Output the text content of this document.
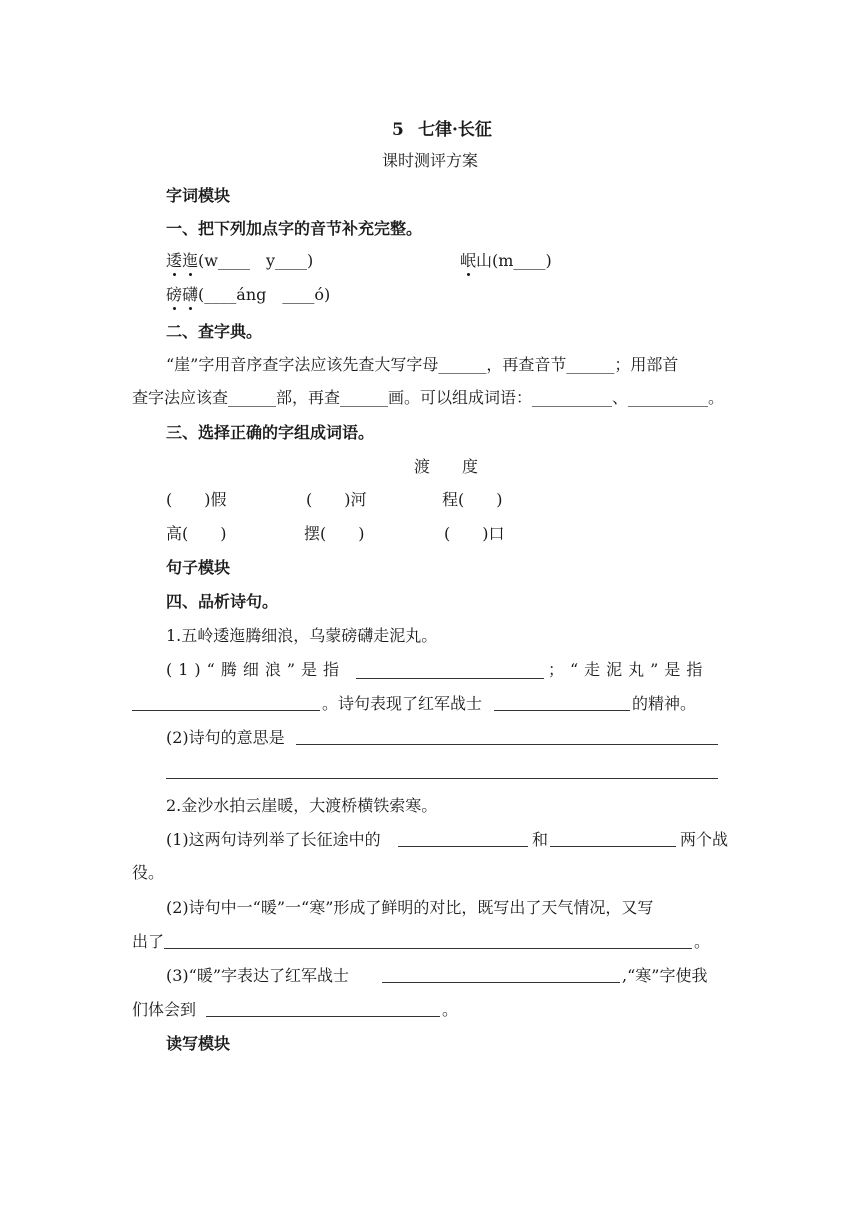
5 七律·长征
课时测评方案
字词模块
一、把下列加点字的音节补充完整。
逶迤(w____　y____)	岷山(m____)
磅礴(____áng　____ó)
二、查字典。
“崖”字用音序查字法应该先查大写字母______，再查音节______；用部首
查字法应该查______部，再查______画。可以组成词语：__________、__________。
三、选择正确的字组成词语。
渡　　度
(　　)假	(　　)河	程(　　)
高(　　)	摆(　　)	(　　)口
句子模块
四、品析诗句。
1.五岭逶迤腾细浪，乌蒙磅礴走泥丸。
(1)“腾细浪”是指	；“走泥丸”是指
。诗句表现了红军战士	的精神。
(2)诗句的意思是
2.金沙水拍云崖暖，大渡桥横铁索寒。
(1)这两句诗列举了长征途中的	和	两个战
役。
(2)诗句中一“暖”一“寒”形成了鲜明的对比，既写出了天气情况，又写
出了	。
(3)“暖”字表达了红军战士	,“寒”字使我
们体会到	。
读写模块
